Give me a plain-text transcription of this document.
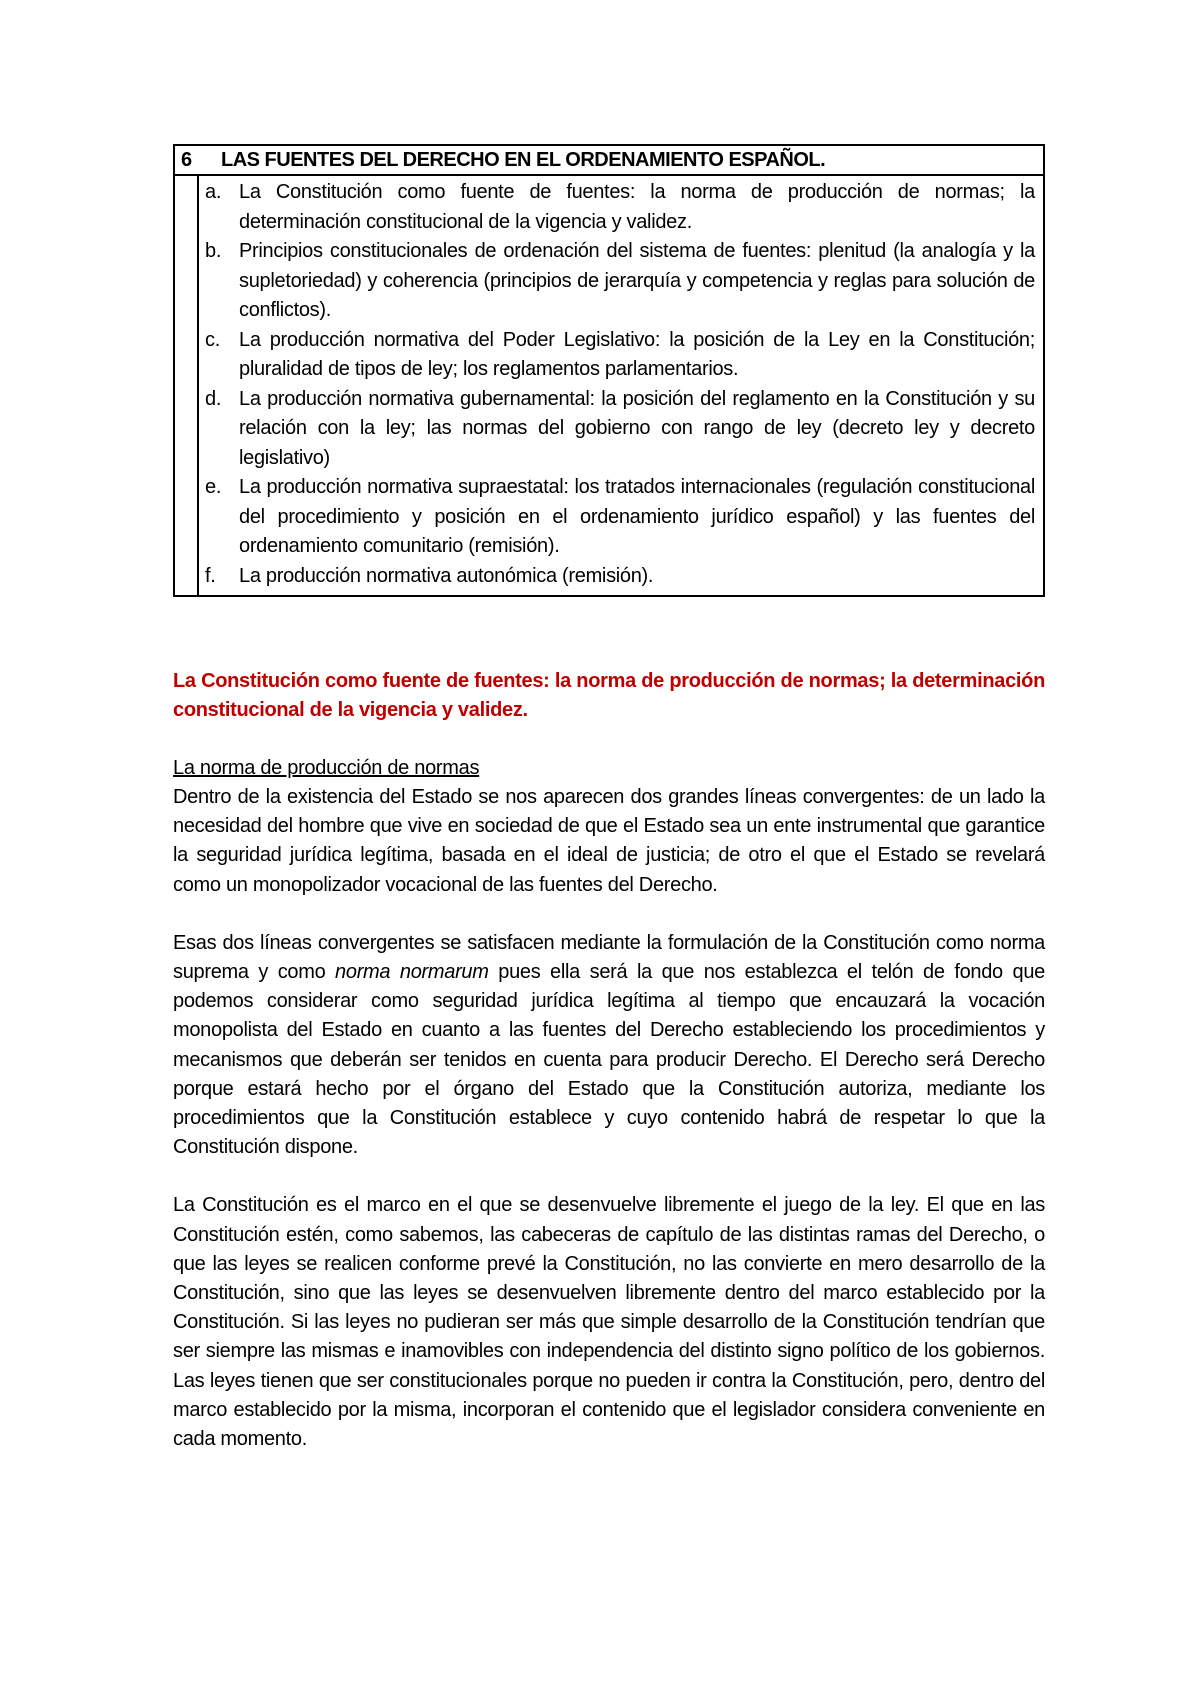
6	LAS FUENTES DEL DERECHO EN EL ORDENAMIENTO ESPAÑOL.
a. La Constitución como fuente de fuentes: la norma de producción de normas; la determinación constitucional de la vigencia y validez.
b. Principios constitucionales de ordenación del sistema de fuentes: plenitud (la analogía y la supletoriedad) y coherencia (principios de jerarquía y competencia y reglas para solución de conflictos).
c. La producción normativa del Poder Legislativo: la posición de la Ley en la Constitución; pluralidad de tipos de ley; los reglamentos parlamentarios.
d. La producción normativa gubernamental: la posición del reglamento en la Constitución y su relación con la ley; las normas del gobierno con rango de ley (decreto ley y decreto legislativo)
e. La producción normativa supraestatal: los tratados internacionales (regulación constitucional del procedimiento y posición en el ordenamiento jurídico español) y las fuentes del ordenamiento comunitario (remisión).
f.	La producción normativa autonómica (remisión).
La Constitución como fuente de fuentes: la norma de producción de normas; la determinación constitucional de la vigencia y validez.
La norma de producción de normas

Dentro de la existencia del Estado se nos aparecen dos grandes líneas convergentes: de un lado la necesidad del hombre que vive en sociedad de que el Estado sea un ente instrumental que garantice la seguridad jurídica legítima, basada en el ideal de justicia; de otro el que el Estado se revelará como un monopolizador vocacional de las fuentes del Derecho.

Esas dos líneas convergentes se satisfacen mediante la formulación de la Constitución como norma suprema y como norma normarum pues ella será la que nos establezca el telón de fondo que podemos considerar como seguridad jurídica legítima al tiempo que encauzará la vocación monopolista del Estado en cuanto a las fuentes del Derecho estableciendo los procedimientos y mecanismos que deberán ser tenidos en cuenta para producir Derecho. El Derecho será Derecho porque estará hecho por el órgano del Estado que la Constitución autoriza, mediante los procedimientos que la Constitución establece y cuyo contenido habrá de respetar lo que la Constitución dispone.

La Constitución es el marco en el que se desenvuelve libremente el juego de la ley. El que en las Constitución estén, como sabemos, las cabeceras de capítulo de las distintas ramas del Derecho, o que las leyes se realicen conforme prevé la Constitución, no las convierte en mero desarrollo de la Constitución, sino que las leyes se desenvuelven libremente dentro del marco establecido por la Constitución. Si las leyes no pudieran ser más que simple desarrollo de la Constitución tendrían que ser siempre las mismas e inamovibles con independencia del distinto signo político de los gobiernos. Las leyes tienen que ser constitucionales porque no pueden ir contra la Constitución, pero, dentro del marco establecido por la misma, incorporan el contenido que el legislador considera conveniente en cada momento.
